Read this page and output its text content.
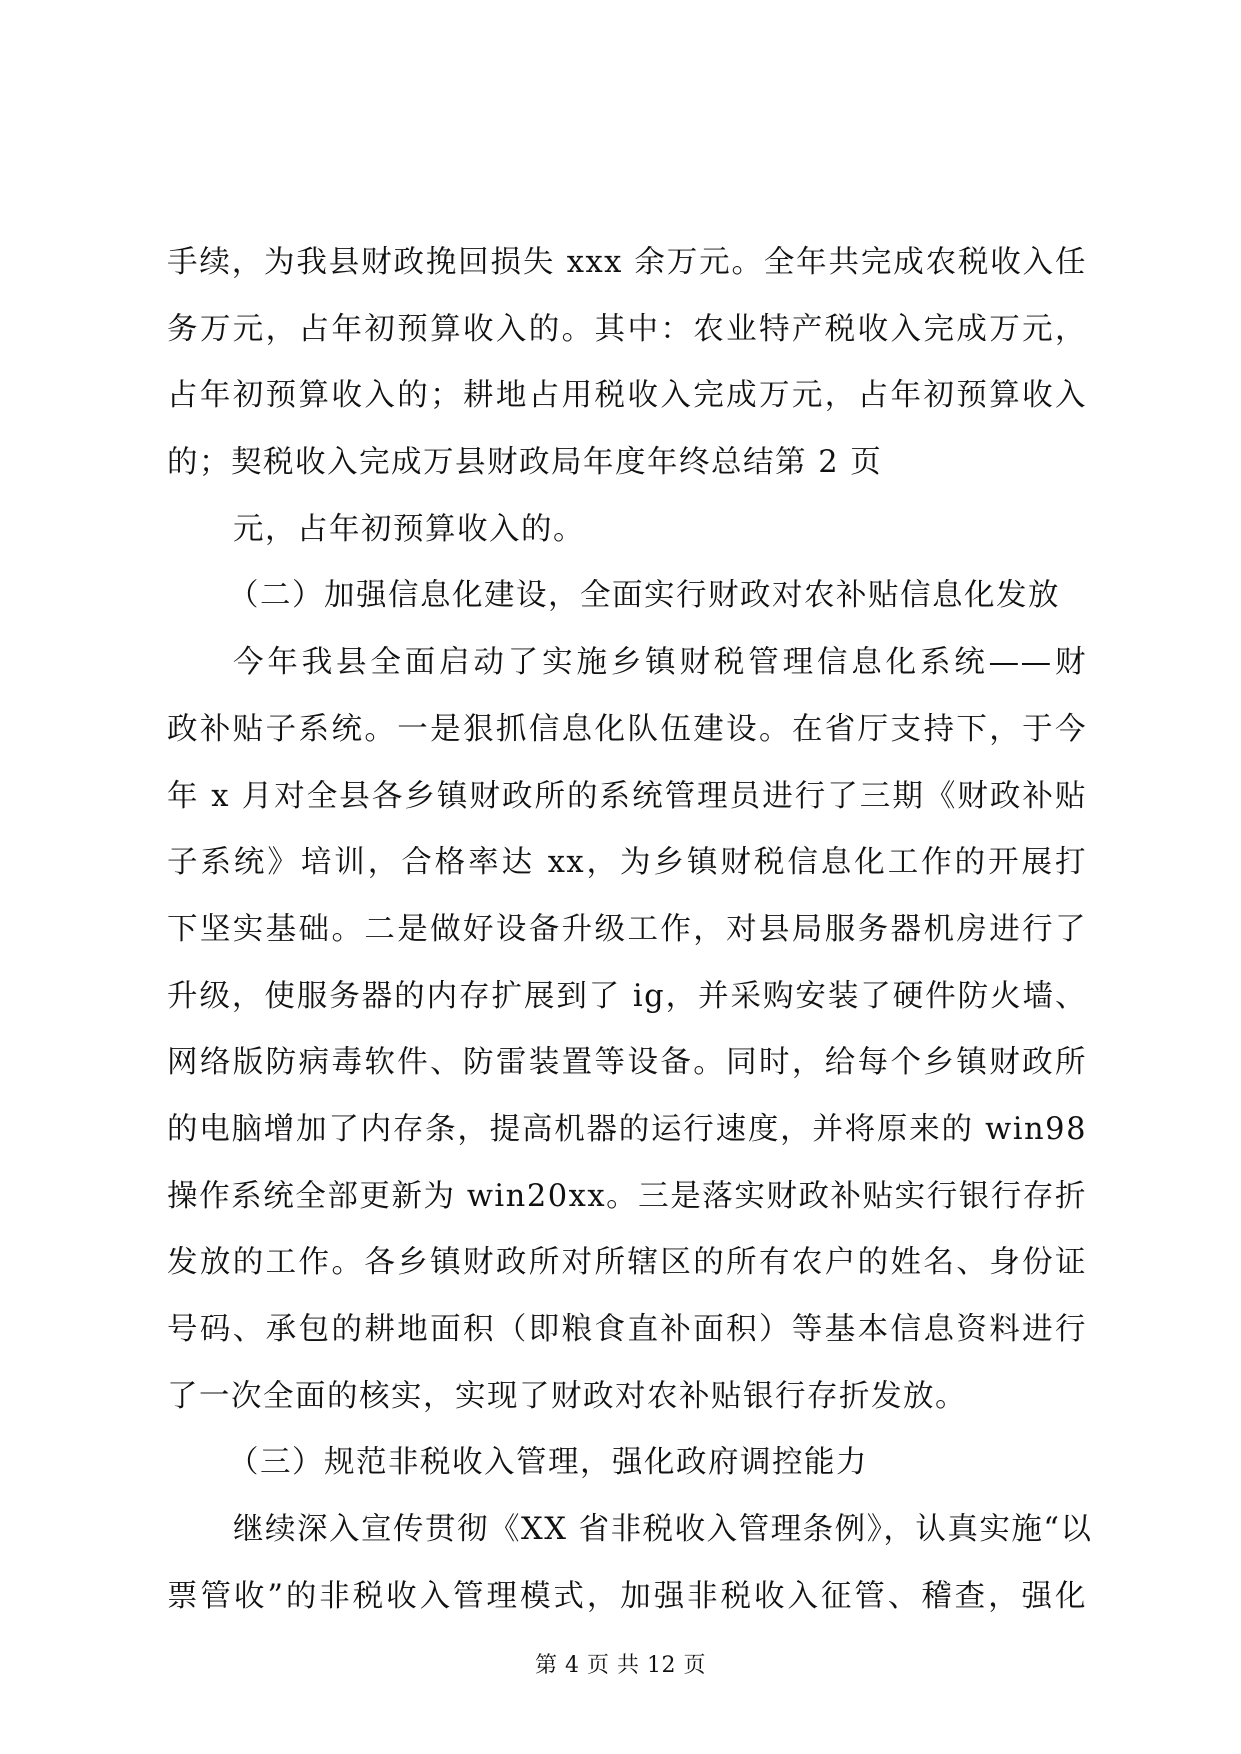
手续，为我县财政挽回损失 xxx 余万元。全年共完成农税收入任
务万元，占年初预算收入的。其中：农业特产税收入完成万元，
占年初预算收入的；耕地占用税收入完成万元，占年初预算收入
的；契税收入完成万县财政局年度年终总结第 2 页
元，占年初预算收入的。
（二）加强信息化建设，全面实行财政对农补贴信息化发放
今年我县全面启动了实施乡镇财税管理信息化系统——财
政补贴子系统。一是狠抓信息化队伍建设。在省厅支持下，于今
年 x 月对全县各乡镇财政所的系统管理员进行了三期《财政补贴
子系统》培训，合格率达 xx，为乡镇财税信息化工作的开展打
下坚实基础。二是做好设备升级工作，对县局服务器机房进行了
升级，使服务器的内存扩展到了 ig，并采购安装了硬件防火墙、
网络版防病毒软件、防雷装置等设备。同时，给每个乡镇财政所
的电脑增加了内存条，提高机器的运行速度，并将原来的 win98
操作系统全部更新为 win20xx。三是落实财政补贴实行银行存折
发放的工作。各乡镇财政所对所辖区的所有农户的姓名、身份证
号码、承包的耕地面积（即粮食直补面积）等基本信息资料进行
了一次全面的核实，实现了财政对农补贴银行存折发放。
（三）规范非税收入管理，强化政府调控能力
继续深入宣传贯彻《XX 省非税收入管理条例》，认真实施“以
票管收”的非税收入管理模式，加强非税收入征管、稽查，强化
第 4 页 共 12 页
